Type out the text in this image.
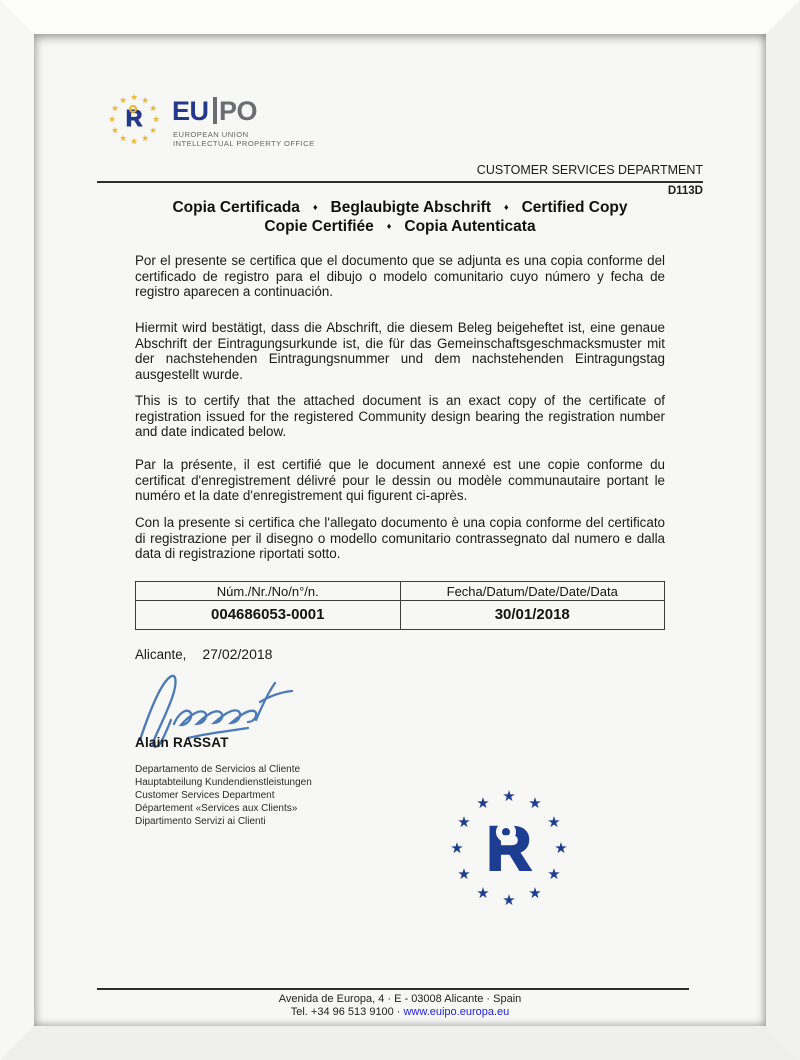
★
★
★
★
★
★
★
★
★
★
★
★
R EU PO
EUROPEAN UNION
INTELLECTUAL PROPERTY OFFICE
CUSTOMER SERVICES DEPARTMENT
D113D
Copia Certificada ♦ Beglaubigte Abschrift ♦ Certified Copy
Copie Certifiée ♦ Copia Autenticata

Por el presente se certifica que el documento que se adjunta es una copia conforme del certificado de registro para el dibujo o modelo comunitario cuyo número y fecha de registro aparecen a continuación.

Hiermit wird bestätigt, dass die Abschrift, die diesem Beleg beigeheftet ist, eine genaue Abschrift der Eintragungsurkunde ist, die für das Gemeinschaftsgeschmacksmuster mit der nachstehenden Eintragungsnummer und dem nachstehenden Eintragungstag ausgestellt wurde.

This is to certify that the attached document is an exact copy of the certificate of registration issued for the registered Community design bearing the registration number and date indicated below.

Par la présente, il est certifié que le document annexé est une copie conforme du certificat d'enregistrement délivré pour le dessin ou modèle communautaire portant le numéro et la date d'enregistrement qui figurent ci-après.

Con la presente si certifica che l'allegato documento è una copia conforme del certificato di registrazione per il disegno o modello comunitario contrassegnato dal numero e dalla data di registrazione riportati sotto.

Núm./Nr./No/n°/n.	Fecha/Datum/Date/Date/Data
004686053-0001	30/01/2018
Alicante, 27/02/2018
Alain RASSAT
Departamento de Servicios al Cliente
Hauptabteilung Kundendienstleistungen
Customer Services Department
Département «Services aux Clients»
Dipartimento Servizi ai Clienti
★
★ ★ ★ ★
★
★
★ ★ ★ ★
★	R
Avenida de Europa, 4 · E - 03008 Alicante · Spain
Tel. +34 96 513 9100 · www.euipo.europa.eu
